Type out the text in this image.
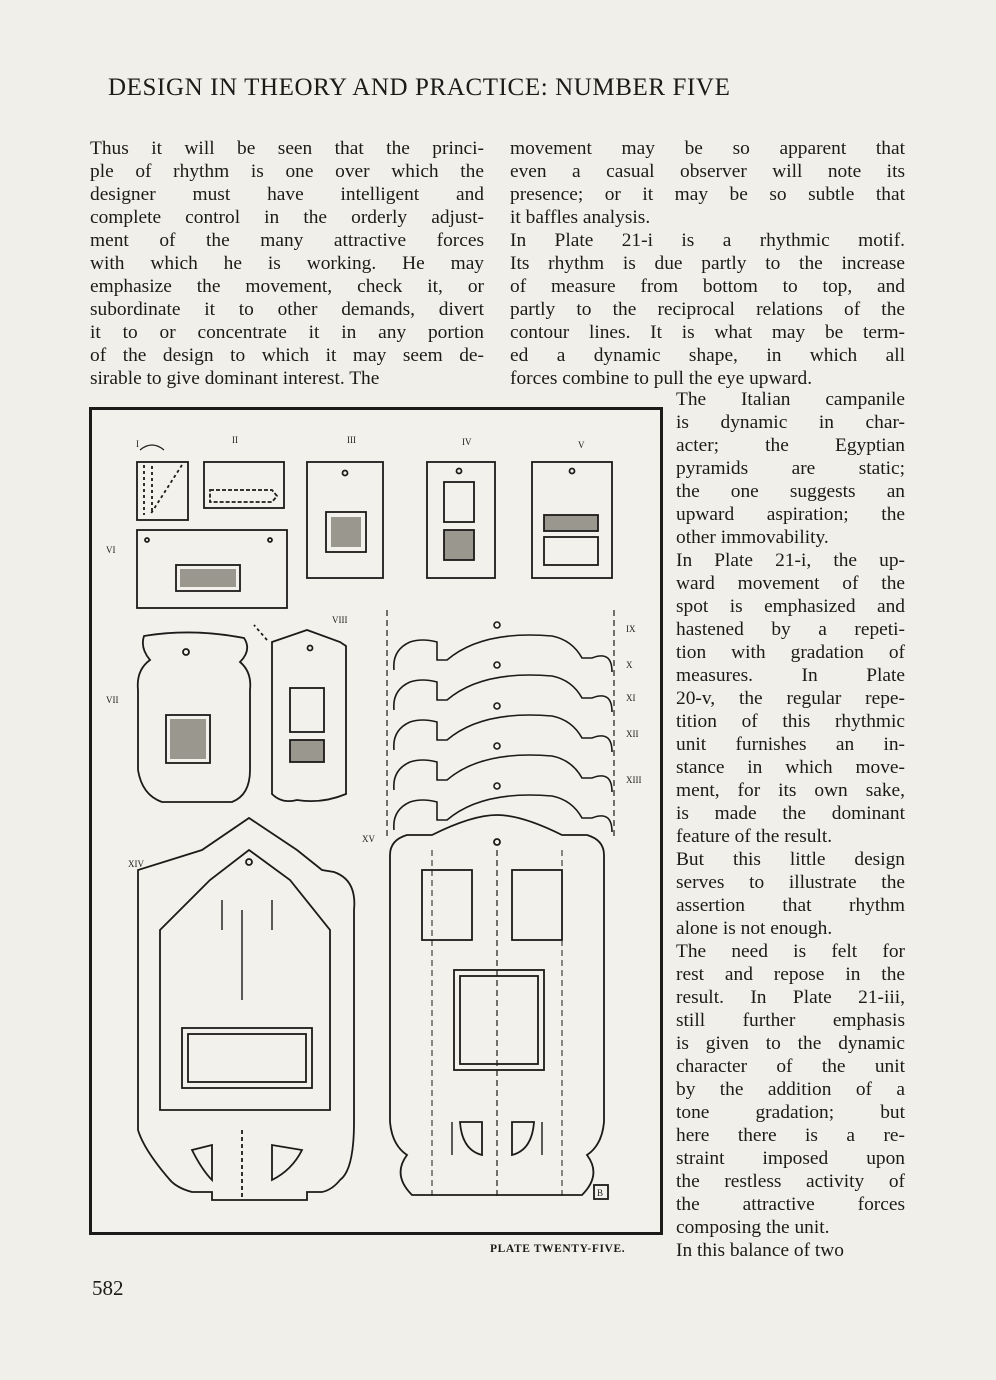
DESIGN IN THEORY AND PRACTICE: NUMBER FIVE

Thus it will be seen that the princi-

ple of rhythm is one over which the

designer must have intelligent and

complete control in the orderly adjust-

ment of the many attractive forces

with which he is working. He may

emphasize the movement, check it, or

subordinate it to other demands, divert

it to or concentrate it in any portion

of the design to which it may seem de-

sirable to give dominant interest. The

movement may be so apparent that

even a casual observer will note its

presence; or it may be so subtle that

it baffles analysis.

In Plate 21-i is a rhythmic motif.

Its rhythm is due partly to the increase

of measure from bottom to top, and

partly to the reciprocal relations of the

contour lines. It is what may be term-

ed a dynamic shape, in which all

forces combine to pull the eye upward.

The Italian campanile

is dynamic in char-

acter; the Egyptian

pyramids are static;

the one suggests an

upward aspiration; the

other immovability.

In Plate 21-i, the up-

ward movement of the

spot is emphasized and

hastened by a repeti-

tion with gradation of

measures. In Plate

20-v, the regular repe-

tition of this rhythmic

unit furnishes an in-

stance in which move-

ment, for its own sake,

is made the dominant

feature of the result.

But this little design

serves to illustrate the

assertion that rhythm

alone is not enough.

The need is felt for

rest and repose in the

result. In Plate 21-iii,

still further emphasis

is given to the dynamic

character of the unit

by the addition of a

tone gradation; but

here there is a re-

straint imposed upon

the restless activity of

the attractive forces

composing the unit.

In this balance of two

I	II	III	IV	V
VI
VII
VIII
IX
X
XI
XII
XIII
XIV
XV
B
PLATE TWENTY-FIVE.
582
